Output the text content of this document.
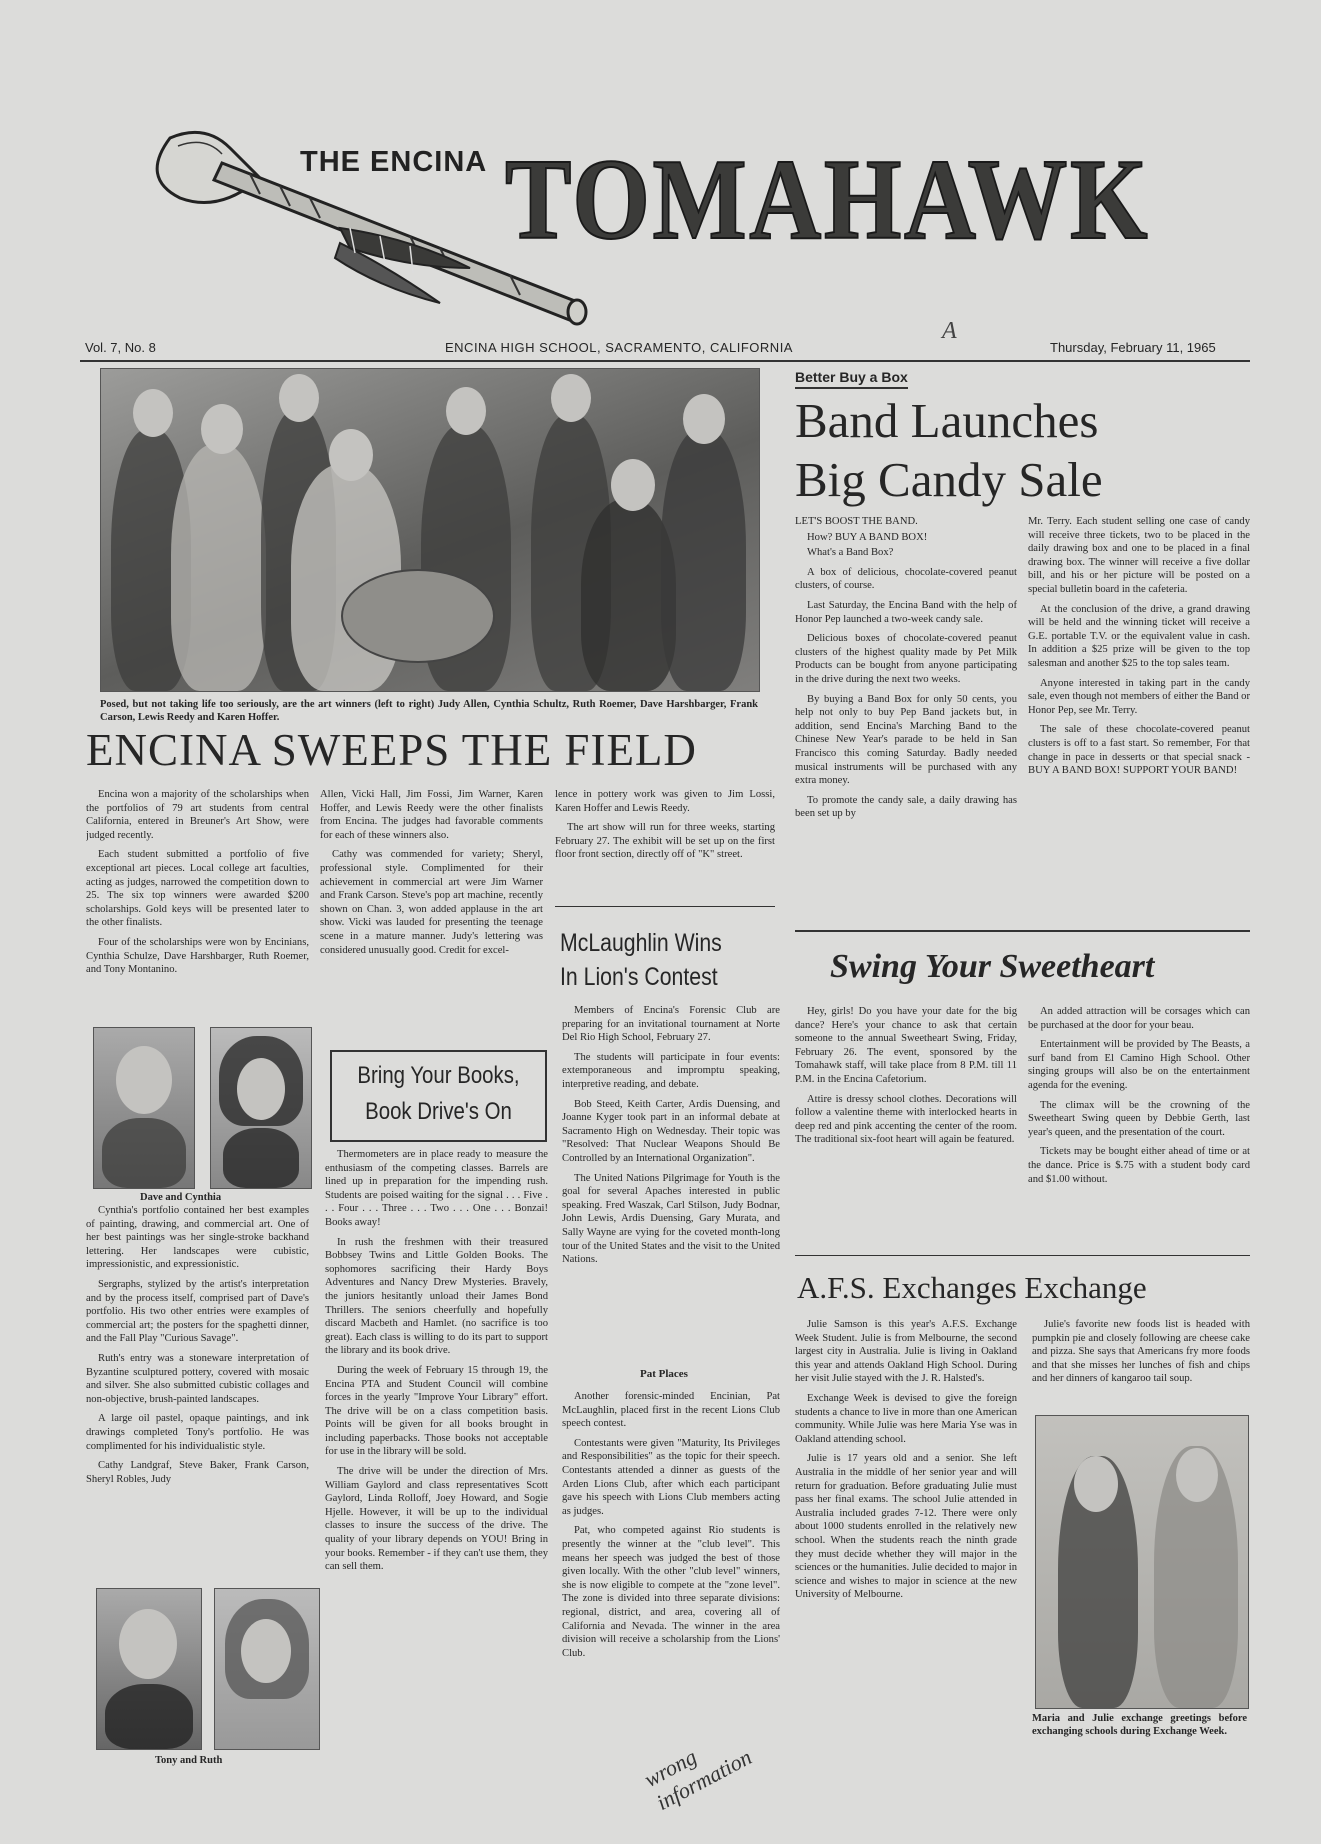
THE ENCINA TOMAHAWK
Vol. 7, No. 8	ENCINA HIGH SCHOOL, SACRAMENTO, CALIFORNIA	Thursday, February 11, 1965
A
Posed, but not taking life too seriously, are the art winners (left to right) Judy Allen, Cynthia Schultz, Ruth Roemer, Dave Harshbarger, Frank Carson, Lewis Reedy and Karen Hoffer.
ENCINA SWEEPS THE FIELD

Encina won a majority of the scholarships when the portfolios of 79 art students from central California, entered in Breuner's Art Show, were judged recently.

Each student submitted a portfolio of five exceptional art pieces. Local college art faculties, acting as judges, narrowed the competition down to 25. The six top winners were awarded $200 scholarships. Gold keys will be presented later to the other finalists.

Four of the scholarships were won by Encinians, Cynthia Schulze, Dave Harshbarger, Ruth Roemer, and Tony Montanino.

Dave and Cynthia

Cynthia's portfolio contained her best examples of painting, drawing, and commercial art. One of her best paintings was her single-stroke backhand lettering. Her landscapes were cubistic, impressionistic, and expressionistic.

Sergraphs, stylized by the artist's interpretation and by the process itself, comprised part of Dave's portfolio. His two other entries were examples of commercial art; the posters for the spaghetti dinner, and the Fall Play "Curious Savage".

Ruth's entry was a stoneware interpretation of Byzantine sculptured pottery, covered with mosaic and silver. She also submitted cubistic collages and non-objective, brush-painted landscapes.

A large oil pastel, opaque paintings, and ink drawings completed Tony's portfolio. He was complimented for his individualistic style.

Cathy Landgraf, Steve Baker, Frank Carson, Sheryl Robles, Judy

Tony and Ruth

Allen, Vicki Hall, Jim Fossi, Jim Warner, Karen Hoffer, and Lewis Reedy were the other finalists from Encina. The judges had favorable comments for each of these winners also.

Cathy was commended for variety; Sheryl, professional style. Complimented for their achievement in commercial art were Jim Warner and Frank Carson. Steve's pop art machine, recently shown on Chan. 3, won added applause in the art show. Vicki was lauded for presenting the teenage scene in a mature manner. Judy's lettering was considered unusually good. Credit for excel-

lence in pottery work was given to Jim Lossi, Karen Hoffer and Lewis Reedy.

The art show will run for three weeks, starting February 27. The exhibit will be set up on the first floor front section, directly off of "K" street.

Bring Your Books,
Book Drive's On

Thermometers are in place ready to measure the enthusiasm of the competing classes. Barrels are lined up in preparation for the impending rush. Students are poised waiting for the signal . . . Five . . . Four . . . Three . . . Two . . . One . . . Bonzai! Books away!

In rush the freshmen with their treasured Bobbsey Twins and Little Golden Books. The sophomores sacrificing their Hardy Boys Adventures and Nancy Drew Mysteries. Bravely, the juniors hesitantly unload their James Bond Thrillers. The seniors cheerfully and hopefully discard Macbeth and Hamlet. (no sacrifice is too great). Each class is willing to do its part to support the library and its book drive.

During the week of February 15 through 19, the Encina PTA and Student Council will combine forces in the yearly "Improve Your Library" effort. The drive will be on a class competition basis. Points will be given for all books brought in including paperbacks. Those books not acceptable for use in the library will be sold.

The drive will be under the direction of Mrs. William Gaylord and class representatives Scott Gaylord, Linda Rolloff, Joey Howard, and Sogie Hjelle. However, it will be up to the individual classes to insure the success of the drive. The quality of your library depends on YOU! Bring in your books. Remember - if they can't use them, they can sell them.

McLaughlin Wins
In Lion's Contest

Members of Encina's Forensic Club are preparing for an invitational tournament at Norte Del Rio High School, February 27.

The students will participate in four events: extemporaneous and impromptu speaking, interpretive reading, and debate.

Bob Steed, Keith Carter, Ardis Duensing, and Joanne Kyger took part in an informal debate at Sacramento High on Wednesday. Their topic was "Resolved: That Nuclear Weapons Should Be Controlled by an International Organization".

The United Nations Pilgrimage for Youth is the goal for several Apaches interested in public speaking. Fred Waszak, Carl Stilson, Judy Bodnar, John Lewis, Ardis Duensing, Gary Murata, and Sally Wayne are vying for the coveted month-long tour of the United States and the visit to the United Nations.

Pat Places

Another forensic-minded Encinian, Pat McLaughlin, placed first in the recent Lions Club speech contest.

Contestants were given "Maturity, Its Privileges and Responsibilities" as the topic for their speech. Contestants attended a dinner as guests of the Arden Lions Club, after which each participant gave his speech with Lions Club members acting as judges.

Pat, who competed against Rio students is presently the winner at the "club level". This means her speech was judged the best of those given locally. With the other "club level" winners, she is now eligible to compete at the "zone level". The zone is divided into three separate divisions: regional, district, and area, covering all of California and Nevada. The winner in the area division will receive a scholarship from the Lions' Club.

wrong information
Better Buy a Box
Band Launches
Big Candy Sale

LET'S BOOST THE BAND.

How? BUY A BAND BOX!

What's a Band Box?

A box of delicious, chocolate-covered peanut clusters, of course.

Last Saturday, the Encina Band with the help of Honor Pep launched a two-week candy sale.

Delicious boxes of chocolate-covered peanut clusters of the highest quality made by Pet Milk Products can be bought from anyone participating in the drive during the next two weeks.

By buying a Band Box for only 50 cents, you help not only to buy Pep Band jackets but, in addition, send Encina's Marching Band to the Chinese New Year's parade to be held in San Francisco this coming Saturday. Badly needed musical instruments will be purchased with any extra money.

To promote the candy sale, a daily drawing has been set up by

Mr. Terry. Each student selling one case of candy will receive three tickets, two to be placed in the daily drawing box and one to be placed in a final drawing box. The winner will receive a five dollar bill, and his or her picture will be posted on a special bulletin board in the cafeteria.

At the conclusion of the drive, a grand drawing will be held and the winning ticket will receive a G.E. portable T.V. or the equivalent value in cash. In addition a $25 prize will be given to the top salesman and another $25 to the top sales team.

Anyone interested in taking part in the candy sale, even though not members of either the Band or Honor Pep, see Mr. Terry.

The sale of these chocolate-covered peanut clusters is off to a fast start. So remember, For that change in pace in desserts or that special snack - BUY A BAND BOX! SUPPORT YOUR BAND!

Swing Your Sweetheart

Hey, girls! Do you have your date for the big dance? Here's your chance to ask that certain someone to the annual Sweetheart Swing, Friday, February 26. The event, sponsored by the Tomahawk staff, will take place from 8 P.M. till 11 P.M. in the Encina Cafetorium.

Attire is dressy school clothes. Decorations will follow a valentine theme with interlocked hearts in deep red and pink accenting the center of the room. The traditional six-foot heart will again be featured.

An added attraction will be corsages which can be purchased at the door for your beau.

Entertainment will be provided by The Beasts, a surf band from El Camino High School. Other singing groups will also be on the entertainment agenda for the evening.

The climax will be the crowning of the Sweetheart Swing queen by Debbie Gerth, last year's queen, and the presentation of the court.

Tickets may be bought either ahead of time or at the dance. Price is $.75 with a student body card and $1.00 without.

A.F.S. Exchanges Exchange

Julie Samson is this year's A.F.S. Exchange Week Student. Julie is from Melbourne, the second largest city in Australia. Julie is living in Oakland this year and attends Oakland High School. During her visit Julie stayed with the J. R. Halsted's.

Exchange Week is devised to give the foreign students a chance to live in more than one American community. While Julie was here Maria Yse was in Oakland attending school.

Julie is 17 years old and a senior. She left Australia in the middle of her senior year and will return for graduation. Before graduating Julie must pass her final exams. The school Julie attended in Australia included grades 7-12. There were only about 1000 students enrolled in the relatively new school. When the students reach the ninth grade they must decide whether they will major in the sciences or the humanities. Julie decided to major in science and wishes to major in science at the new University of Melbourne.

Julie's favorite new foods list is headed with pumpkin pie and closely following are cheese cake and pizza. She says that Americans fry more foods and that she misses her lunches of fish and chips and her dinners of kangaroo tail soup.

Maria and Julie exchange greetings before exchanging schools during Exchange Week.
